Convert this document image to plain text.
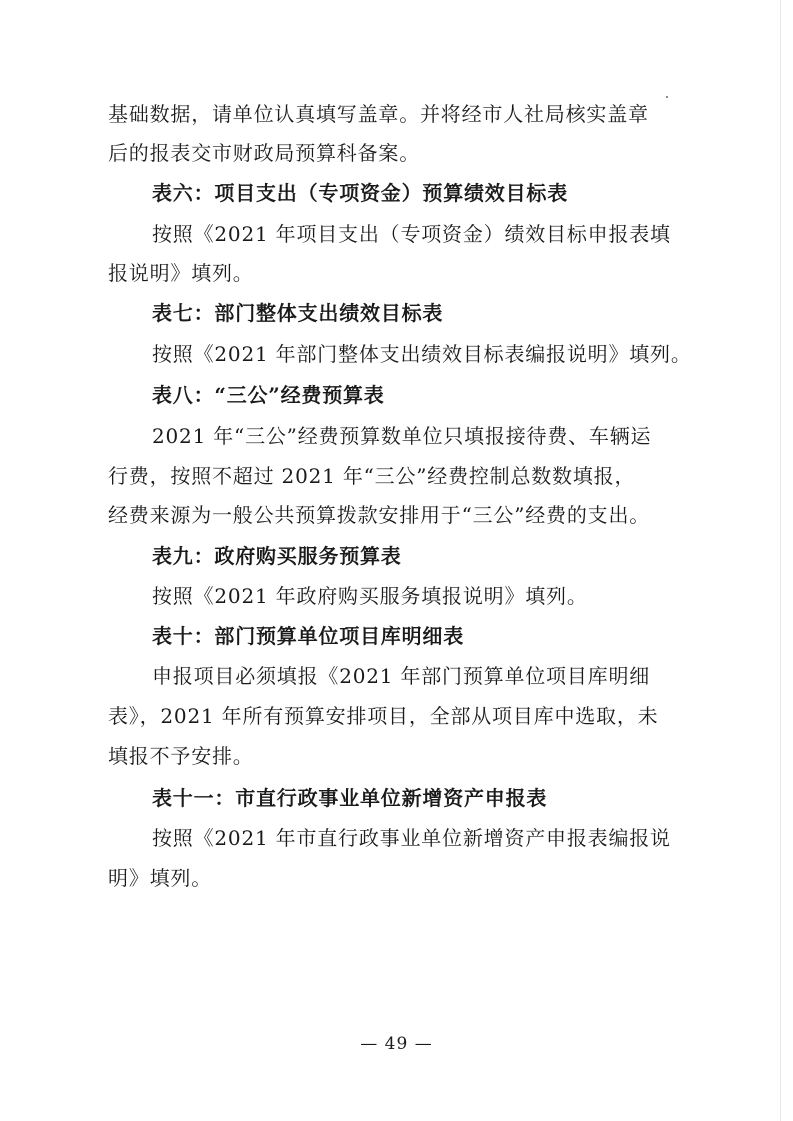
基础数据，请单位认真填写盖章。并将经市人社局核实盖章
后的报表交市财政局预算科备案。
表六：项目支出（专项资金）预算绩效目标表
按照《2021 年项目支出（专项资金）绩效目标申报表填
报说明》填列。
表七：部门整体支出绩效目标表
按照《2021 年部门整体支出绩效目标表编报说明》填列。
表八：“三公”经费预算表
2021 年“三公”经费预算数单位只填报接待费、车辆运
行费，按照不超过 2021 年“三公”经费控制总数数填报，
经费来源为一般公共预算拨款安排用于“三公”经费的支出。
表九：政府购买服务预算表
按照《2021 年政府购买服务填报说明》填列。
表十：部门预算单位项目库明细表
申报项目必须填报《2021 年部门预算单位项目库明细
表》，2021 年所有预算安排项目，全部从项目库中选取，未
填报不予安排。
表十一：市直行政事业单位新增资产申报表
按照《2021 年市直行政事业单位新增资产申报表编报说
明》填列。
— 49 —
